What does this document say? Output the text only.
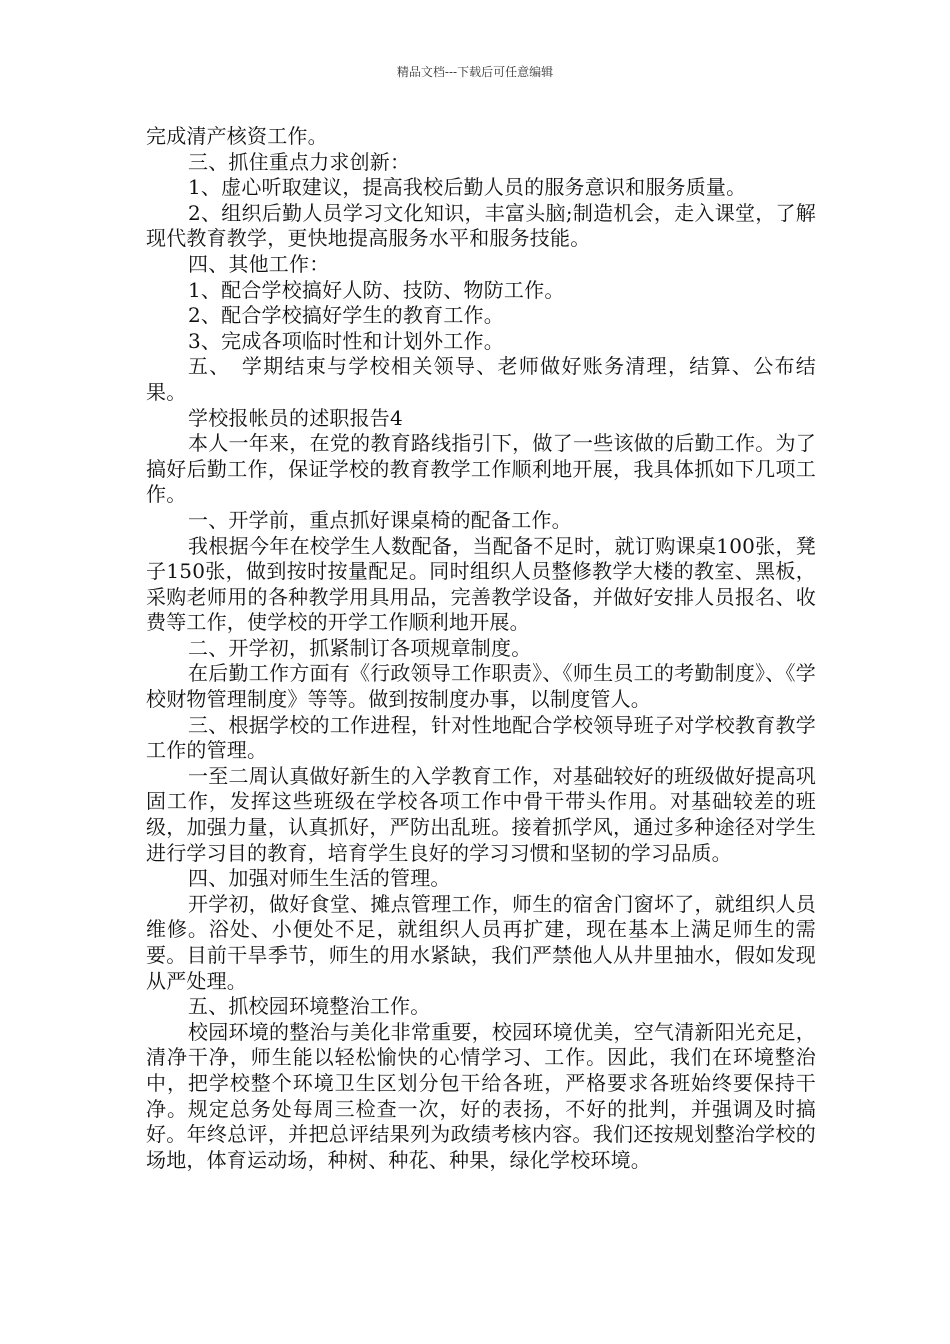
精品文档---下载后可任意编辑

完成清产核资工作。

三、抓住重点力求创新：

1、虚心听取建议，提高我校后勤人员的服务意识和服务质量。

2、组织后勤人员学习文化知识，丰富头脑;制造机会，走入课堂，了解现代教育教学，更快地提高服务水平和服务技能。

四、其他工作：

1、配合学校搞好人防、技防、物防工作。

2、配合学校搞好学生的教育工作。

3、完成各项临时性和计划外工作。

五、　学期结束与学校相关领导、老师做好账务清理，结算、公布结果。

学校报帐员的述职报告4

本人一年来，在党的教育路线指引下，做了一些该做的后勤工作。为了搞好后勤工作，保证学校的教育教学工作顺利地开展，我具体抓如下几项工作。

一、开学前，重点抓好课桌椅的配备工作。

我根据今年在校学生人数配备，当配备不足时，就订购课桌100张，凳子150张，做到按时按量配足。同时组织人员整修教学大楼的教室、黑板，采购老师用的各种教学用具用品，完善教学设备，并做好安排人员报名、收费等工作，使学校的开学工作顺利地开展。

二、开学初，抓紧制订各项规章制度。

在后勤工作方面有《行政领导工作职责》、《师生员工的考勤制度》、《学校财物管理制度》等等。做到按制度办事，以制度管人。

三、根据学校的工作进程，针对性地配合学校领导班子对学校教育教学工作的管理。

一至二周认真做好新生的入学教育工作，对基础较好的班级做好提高巩固工作，发挥这些班级在学校各项工作中骨干带头作用。对基础较差的班级，加强力量，认真抓好，严防出乱班。接着抓学风，通过多种途径对学生进行学习目的教育，培育学生良好的学习习惯和坚韧的学习品质。

四、加强对师生生活的管理。

开学初，做好食堂、摊点管理工作，师生的宿舍门窗坏了，就组织人员维修。浴处、小便处不足，就组织人员再扩建，现在基本上满足师生的需要。目前干旱季节，师生的用水紧缺，我们严禁他人从井里抽水，假如发现从严处理。

五、抓校园环境整治工作。

校园环境的整治与美化非常重要，校园环境优美，空气清新阳光充足，清净干净，师生能以轻松愉快的心情学习、工作。因此，我们在环境整治中，把学校整个环境卫生区划分包干给各班，严格要求各班始终要保持干净。规定总务处每周三检查一次，好的表扬，不好的批判，并强调及时搞好。年终总评，并把总评结果列为政绩考核内容。我们还按规划整治学校的场地，体育运动场，种树、种花、种果，绿化学校环境。
